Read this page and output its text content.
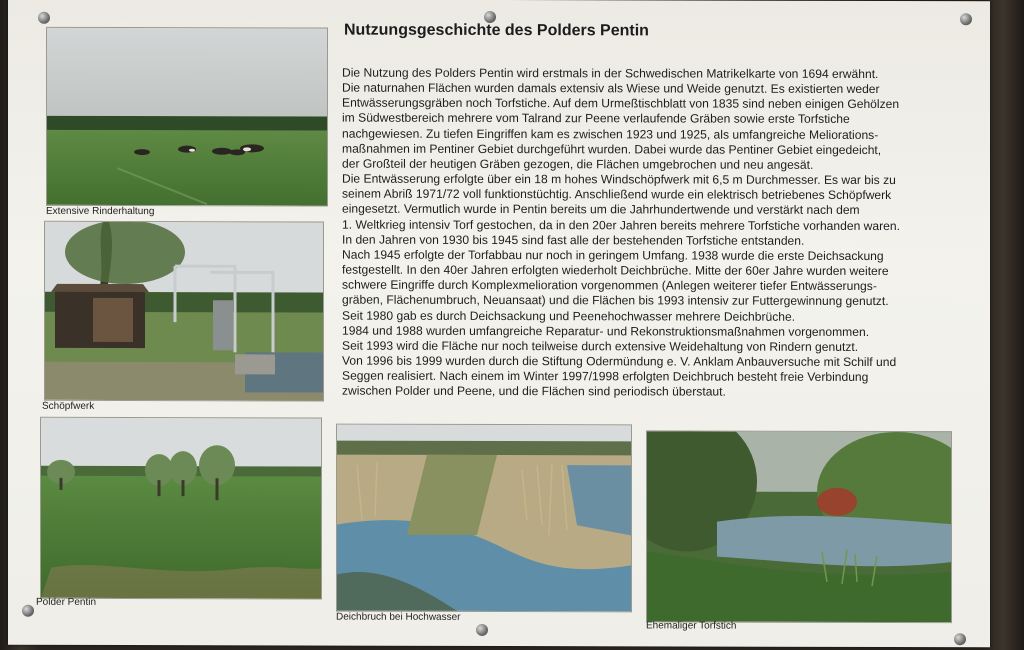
Extensive Rinderhaltung
Schöpfwerk
Polder Pentin
Deichbruch bei Hochwasser
Ehemaliger Torfstich
Nutzungsgeschichte des Polders Pentin
Die Nutzung des Polders Pentin wird erstmals in der Schwedischen Matrikelkarte von 1694 erwähnt.
Die naturnahen Flächen wurden damals extensiv als Wiese und Weide genutzt. Es existierten weder
Entwässerungsgräben noch Torfstiche. Auf dem Urmeßtischblatt von 1835 sind neben einigen Gehölzen
im Südwestbereich mehrere vom Talrand zur Peene verlaufende Gräben sowie erste Torfstiche
nachgewiesen. Zu tiefen Eingriffen kam es zwischen 1923 und 1925, als umfangreiche Meliorations-
maßnahmen im Pentiner Gebiet durchgeführt wurden. Dabei wurde das Pentiner Gebiet eingedeicht,
der Großteil der heutigen Gräben gezogen, die Flächen umgebrochen und neu angesät.
Die Entwässerung erfolgte über ein 18 m hohes Windschöpfwerk mit 6,5 m Durchmesser. Es war bis zu
seinem Abriß 1971/72 voll funktionstüchtig. Anschließend wurde ein elektrisch betriebenes Schöpfwerk
eingesetzt. Vermutlich wurde in Pentin bereits um die Jahrhundertwende und verstärkt nach dem
1. Weltkrieg intensiv Torf gestochen, da in den 20er Jahren bereits mehrere Torfstiche vorhanden waren.
In den Jahren von 1930 bis 1945 sind fast alle der bestehenden Torfstiche entstanden.
Nach 1945 erfolgte der Torfabbau nur noch in geringem Umfang. 1938 wurde die erste Deichsackung
festgestellt. In den 40er Jahren erfolgten wiederholt Deichbrüche. Mitte der 60er Jahre wurden weitere
schwere Eingriffe durch Komplexmelioration vorgenommen (Anlegen weiterer tiefer Entwässerungs-
gräben, Flächenumbruch, Neuansaat) und die Flächen bis 1993 intensiv zur Futtergewinnung genutzt.
Seit 1980 gab es durch Deichsackung und Peenehochwasser mehrere Deichbrüche.
1984 und 1988 wurden umfangreiche Reparatur- und Rekonstruktionsmaßnahmen vorgenommen.
Seit 1993 wird die Fläche nur noch teilweise durch extensive Weidehaltung von Rindern genutzt.
Von 1996 bis 1999 wurden durch die Stiftung Odermündung e. V. Anklam Anbauversuche mit Schilf und
Seggen realisiert. Nach einem im Winter 1997/1998 erfolgten Deichbruch besteht freie Verbindung
zwischen Polder und Peene, und die Flächen sind periodisch überstaut.
